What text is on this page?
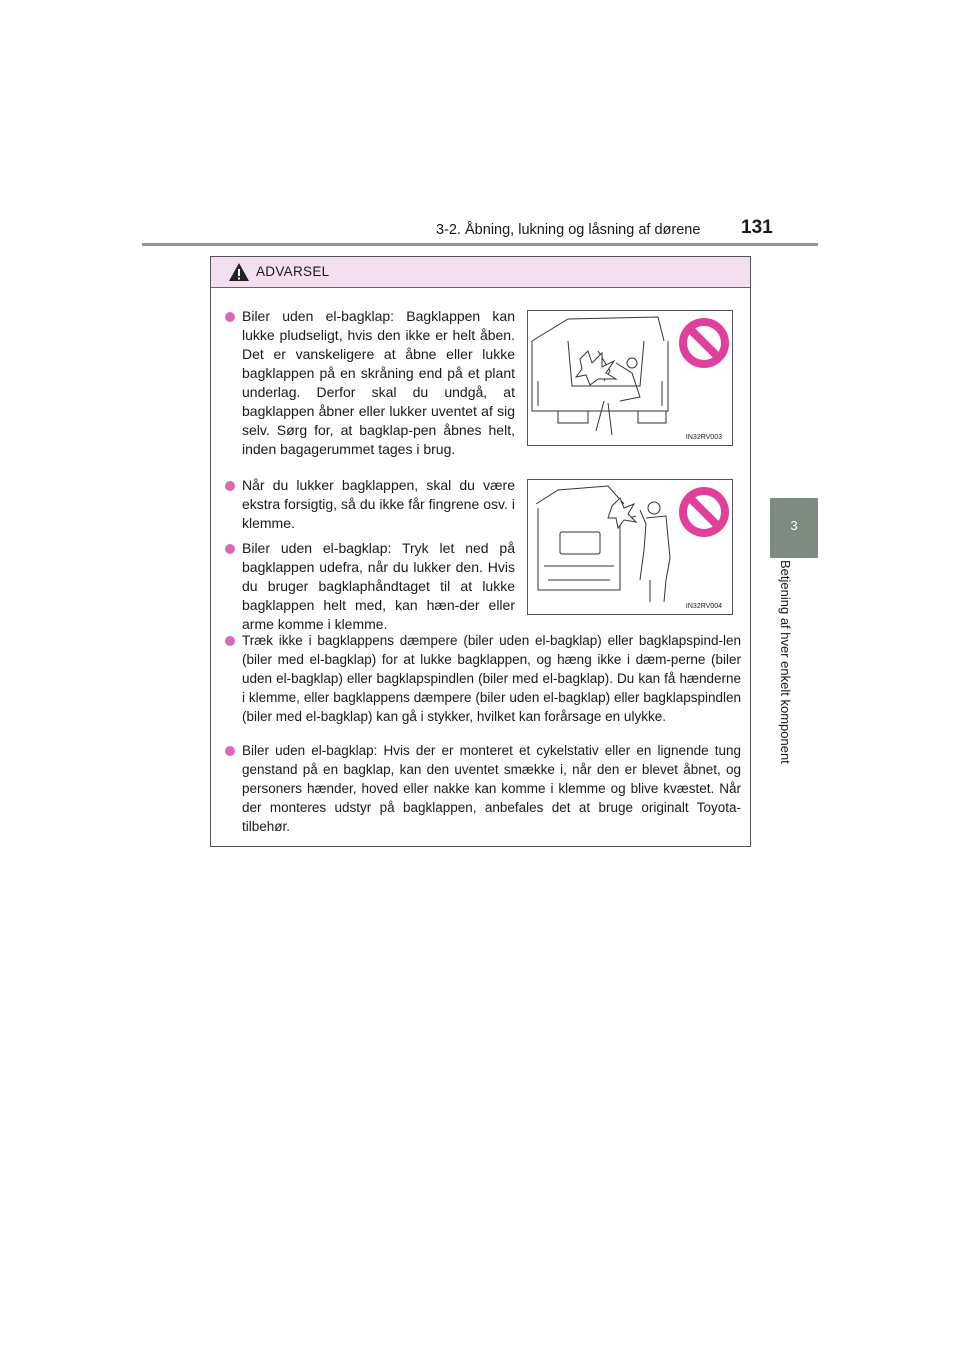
3-2. Åbning, lukning og låsning af dørene 131
3
Betjening af hver enkelt komponent
ADVARSEL
Biler uden el-bagklap: Bagklappen kan lukke pludseligt, hvis den ikke er helt åben. Det er vanskeligere at åbne eller lukke bagklappen på en skråning end på et plant underlag. Derfor skal du undgå, at bagklappen åbner eller lukker uventet af sig selv. Sørg for, at bagklap-pen åbnes helt, inden bagagerummet tages i brug.
IN32RV003
Når du lukker bagklappen, skal du være ekstra forsigtig, så du ikke får fingrene osv. i klemme.
Biler uden el-bagklap: Tryk let ned på bagklappen udefra, når du lukker den. Hvis du bruger bagklaphåndtaget til at lukke bagklappen helt med, kan hæn-der eller arme komme i klemme.
IN32RV004
Træk ikke i bagklappens dæmpere (biler uden el-bagklap) eller bagklapspind-len (biler med el-bagklap) for at lukke bagklappen, og hæng ikke i dæm-perne (biler uden el-bagklap) eller bagklapspindlen (biler med el-bagklap). Du kan få hænderne i klemme, eller bagklappens dæmpere (biler uden el-bagklap) eller bagklapspindlen (biler med el-bagklap) kan gå i stykker, hvilket kan forårsage en ulykke.
Biler uden el-bagklap: Hvis der er monteret et cykelstativ eller en lignende tung genstand på en bagklap, kan den uventet smække i, når den er blevet åbnet, og personers hænder, hoved eller nakke kan komme i klemme og blive kvæstet. Når der monteres udstyr på bagklappen, anbefales det at bruge originalt Toyota-tilbehør.
